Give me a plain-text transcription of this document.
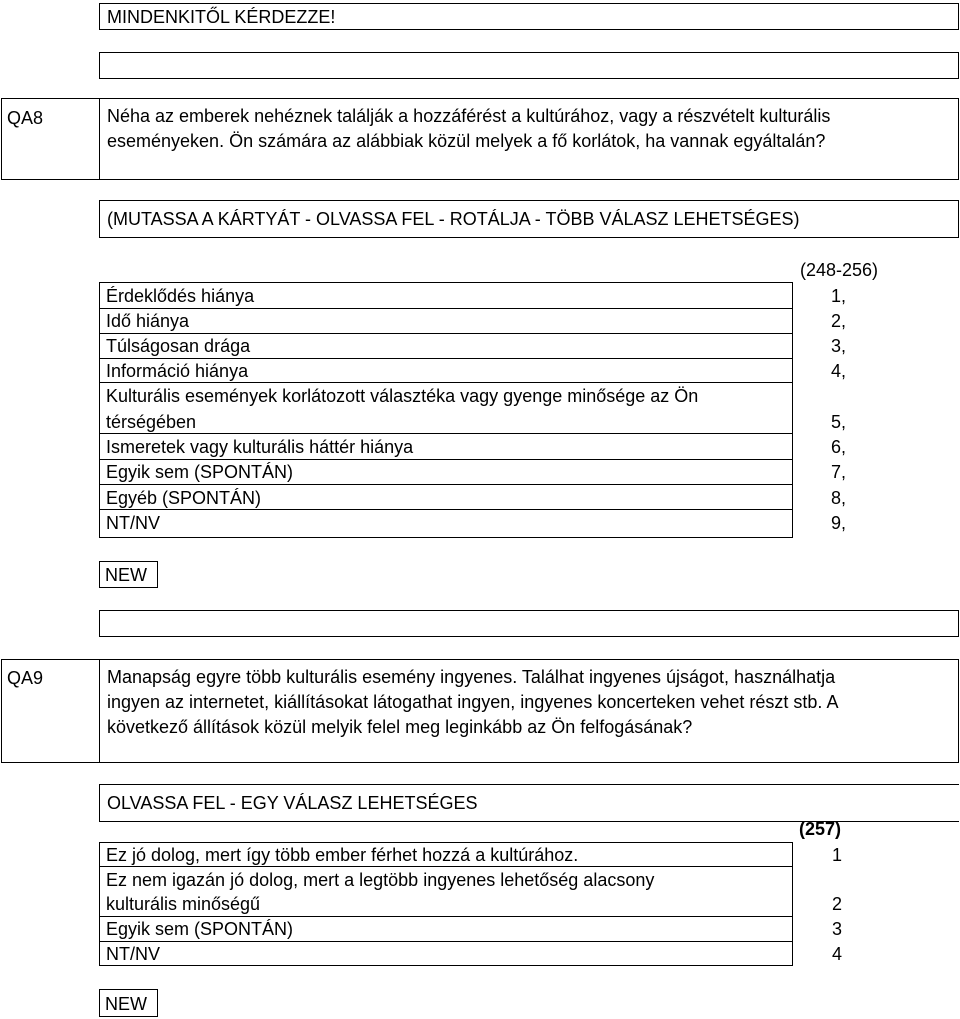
MINDENKITŐL KÉRDEZZE!
QA8	Néha az emberek nehéznek találják a hozzáférést a kultúrához, vagy a részvételt kulturális
eseményeken. Ön számára az alábbiak közül melyek a fő korlátok, ha vannak egyáltalán?
(MUTASSA A KÁRTYÁT - OLVASSA FEL - ROTÁLJA - TÖBB VÁLASZ LEHETSÉGES)
(248-256)
Érdeklődés hiánya	1,
Idő hiánya	2,
Túlságosan drága	3,
Információ hiánya	4,
Kulturális események korlátozott választéka vagy gyenge minősége az Ön
térségében	5,
Ismeretek vagy kulturális háttér hiánya	6,
Egyik sem (SPONTÁN)	7,
Egyéb (SPONTÁN)	8,
NT/NV	9,
NEW
QA9	Manapság egyre több kulturális esemény ingyenes. Találhat ingyenes újságot, használhatja
ingyen az internetet, kiállításokat látogathat ingyen, ingyenes koncerteken vehet részt stb. A
következő állítások közül melyik felel meg leginkább az Ön felfogásának?
OLVASSA FEL - EGY VÁLASZ LEHETSÉGES
(257)
Ez jó dolog, mert így több ember férhet hozzá a kultúrához.	1
Ez nem igazán jó dolog, mert a legtöbb ingyenes lehetőség alacsony
kulturális minőségű	2
Egyik sem (SPONTÁN)	3
NT/NV	4
NEW
